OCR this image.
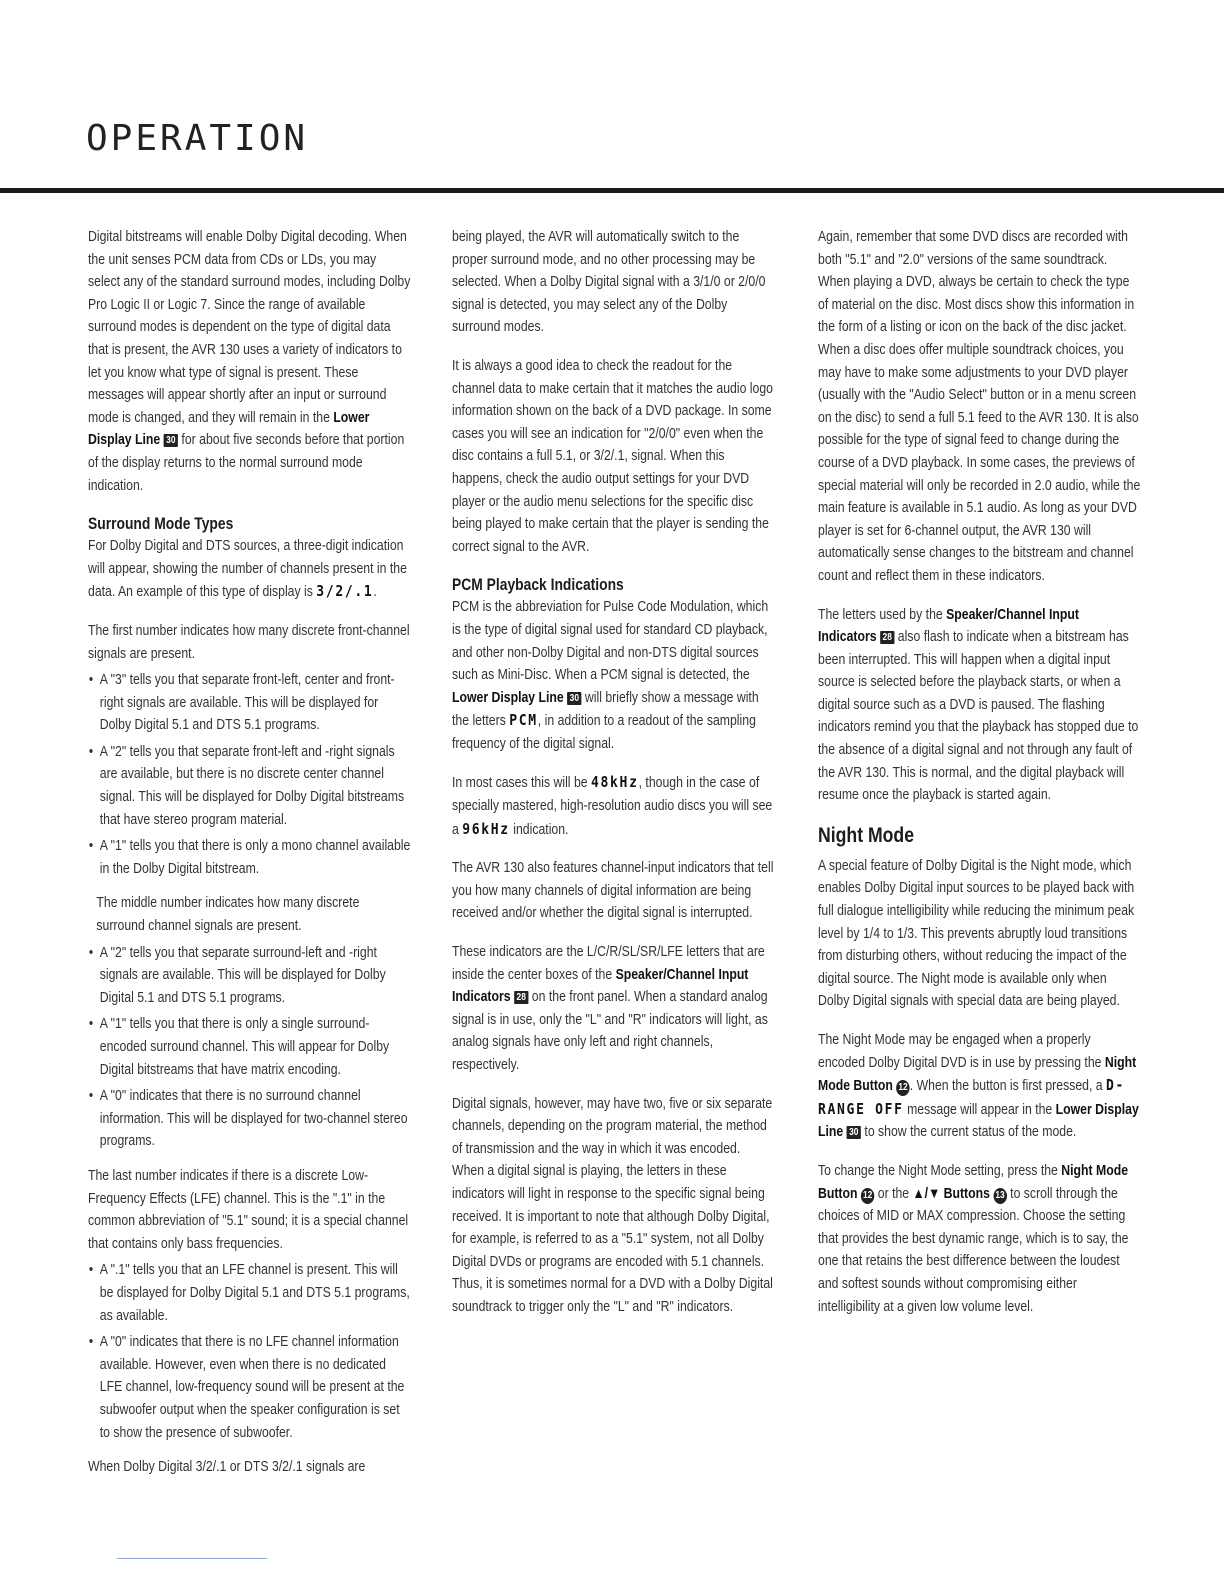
OPERATION

Digital bitstreams will enable Dolby Digital decoding. When the unit senses PCM data from CDs or LDs, you may select any of the standard surround modes, including Dolby Pro Logic II or Logic 7. Since the range of available surround modes is dependent on the type of digital data that is present, the AVR 130 uses a variety of indicators to let you know what type of signal is present. These messages will appear shortly after an input or surround mode is changed, and they will remain in the Lower Display Line 30 for about five seconds before that portion of the display returns to the normal surround mode indication.

Surround Mode Types

For Dolby Digital and DTS sources, a three-digit indication will appear, showing the number of channels present in the data. An example of this type of display is 3/2/.1.

The first number indicates how many discrete front-channel signals are present.

• A "3" tells you that separate front-left, center and front-right signals are available. This will be displayed for Dolby Digital 5.1 and DTS 5.1 programs.
• A "2" tells you that separate front-left and -right signals are available, but there is no discrete center channel signal. This will be displayed for Dolby Digital bitstreams that have stereo program material.
• A "1" tells you that there is only a mono channel available in the Dolby Digital bitstream.

The middle number indicates how many discrete surround channel signals are present.

• A "2" tells you that separate surround-left and -right signals are available. This will be displayed for Dolby Digital 5.1 and DTS 5.1 programs.
• A "1" tells you that there is only a single surround-encoded surround channel. This will appear for Dolby Digital bitstreams that have matrix encoding.
• A "0" indicates that there is no surround channel information. This will be displayed for two-channel stereo programs.

The last number indicates if there is a discrete Low-Frequency Effects (LFE) channel. This is the ".1" in the common abbreviation of "5.1" sound; it is a special channel that contains only bass frequencies.

• A ".1" tells you that an LFE channel is present. This will be displayed for Dolby Digital 5.1 and DTS 5.1 programs, as available.
• A "0" indicates that there is no LFE channel information available. However, even when there is no dedicated LFE channel, low-frequency sound will be present at the subwoofer output when the speaker configuration is set to show the presence of subwoofer.

When Dolby Digital 3/2/.1 or DTS 3/2/.1 signals are

being played, the AVR will automatically switch to the proper surround mode, and no other processing may be selected. When a Dolby Digital signal with a 3/1/0 or 2/0/0 signal is detected, you may select any of the Dolby surround modes.

It is always a good idea to check the readout for the channel data to make certain that it matches the audio logo information shown on the back of a DVD package. In some cases you will see an indication for "2/0/0" even when the disc contains a full 5.1, or 3/2/.1, signal. When this happens, check the audio output settings for your DVD player or the audio menu selections for the specific disc being played to make certain that the player is sending the correct signal to the AVR.

PCM Playback Indications

PCM is the abbreviation for Pulse Code Modulation, which is the type of digital signal used for standard CD playback, and other non-Dolby Digital and non-DTS digital sources such as Mini-Disc. When a PCM signal is detected, the Lower Display Line 30 will briefly show a message with the letters PCM, in addition to a readout of the sampling frequency of the digital signal.

In most cases this will be 48kHz, though in the case of specially mastered, high-resolution audio discs you will see a 96kHz indication.

The AVR 130 also features channel-input indicators that tell you how many channels of digital information are being received and/or whether the digital signal is interrupted.

These indicators are the L/C/R/SL/SR/LFE letters that are inside the center boxes of the Speaker/Channel Input Indicators 28 on the front panel. When a standard analog signal is in use, only the "L" and "R" indicators will light, as analog signals have only left and right channels, respectively.

Digital signals, however, may have two, five or six separate channels, depending on the program material, the method of transmission and the way in which it was encoded. When a digital signal is playing, the letters in these indicators will light in response to the specific signal being received. It is important to note that although Dolby Digital, for example, is referred to as a "5.1" system, not all Dolby Digital DVDs or programs are encoded with 5.1 channels. Thus, it is sometimes normal for a DVD with a Dolby Digital soundtrack to trigger only the "L" and "R" indicators.

Again, remember that some DVD discs are recorded with both "5.1" and "2.0" versions of the same soundtrack. When playing a DVD, always be certain to check the type of material on the disc. Most discs show this information in the form of a listing or icon on the back of the disc jacket. When a disc does offer multiple soundtrack choices, you may have to make some adjustments to your DVD player (usually with the "Audio Select" button or in a menu screen on the disc) to send a full 5.1 feed to the AVR 130. It is also possible for the type of signal feed to change during the course of a DVD playback. In some cases, the previews of special material will only be recorded in 2.0 audio, while the main feature is available in 5.1 audio. As long as your DVD player is set for 6-channel output, the AVR 130 will automatically sense changes to the bitstream and channel count and reflect them in these indicators.

The letters used by the Speaker/Channel Input Indicators 28 also flash to indicate when a bitstream has been interrupted. This will happen when a digital input source is selected before the playback starts, or when a digital source such as a DVD is paused. The flashing indicators remind you that the playback has stopped due to the absence of a digital signal and not through any fault of the AVR 130. This is normal, and the digital playback will resume once the playback is started again.

Night Mode

A special feature of Dolby Digital is the Night mode, which enables Dolby Digital input sources to be played back with full dialogue intelligibility while reducing the minimum peak level by 1/4 to 1/3. This prevents abruptly loud transitions from disturbing others, without reducing the impact of the digital source. The Night mode is available only when Dolby Digital signals with special data are being played.

The Night Mode may be engaged when a properly encoded Dolby Digital DVD is in use by pressing the Night Mode Button 12 . When the button is first pressed, a D-RANGE OFF message will appear in the Lower Display Line 30 to show the current status of the mode.

To change the Night Mode setting, press the Night Mode Button 12 or the ▲/▼ Buttons 13 to scroll through the choices of MID or MAX compression. Choose the setting that provides the best dynamic range, which is to say, the one that retains the best difference between the loudest and softest sounds without compromising either intelligibility at a given low volume level.
